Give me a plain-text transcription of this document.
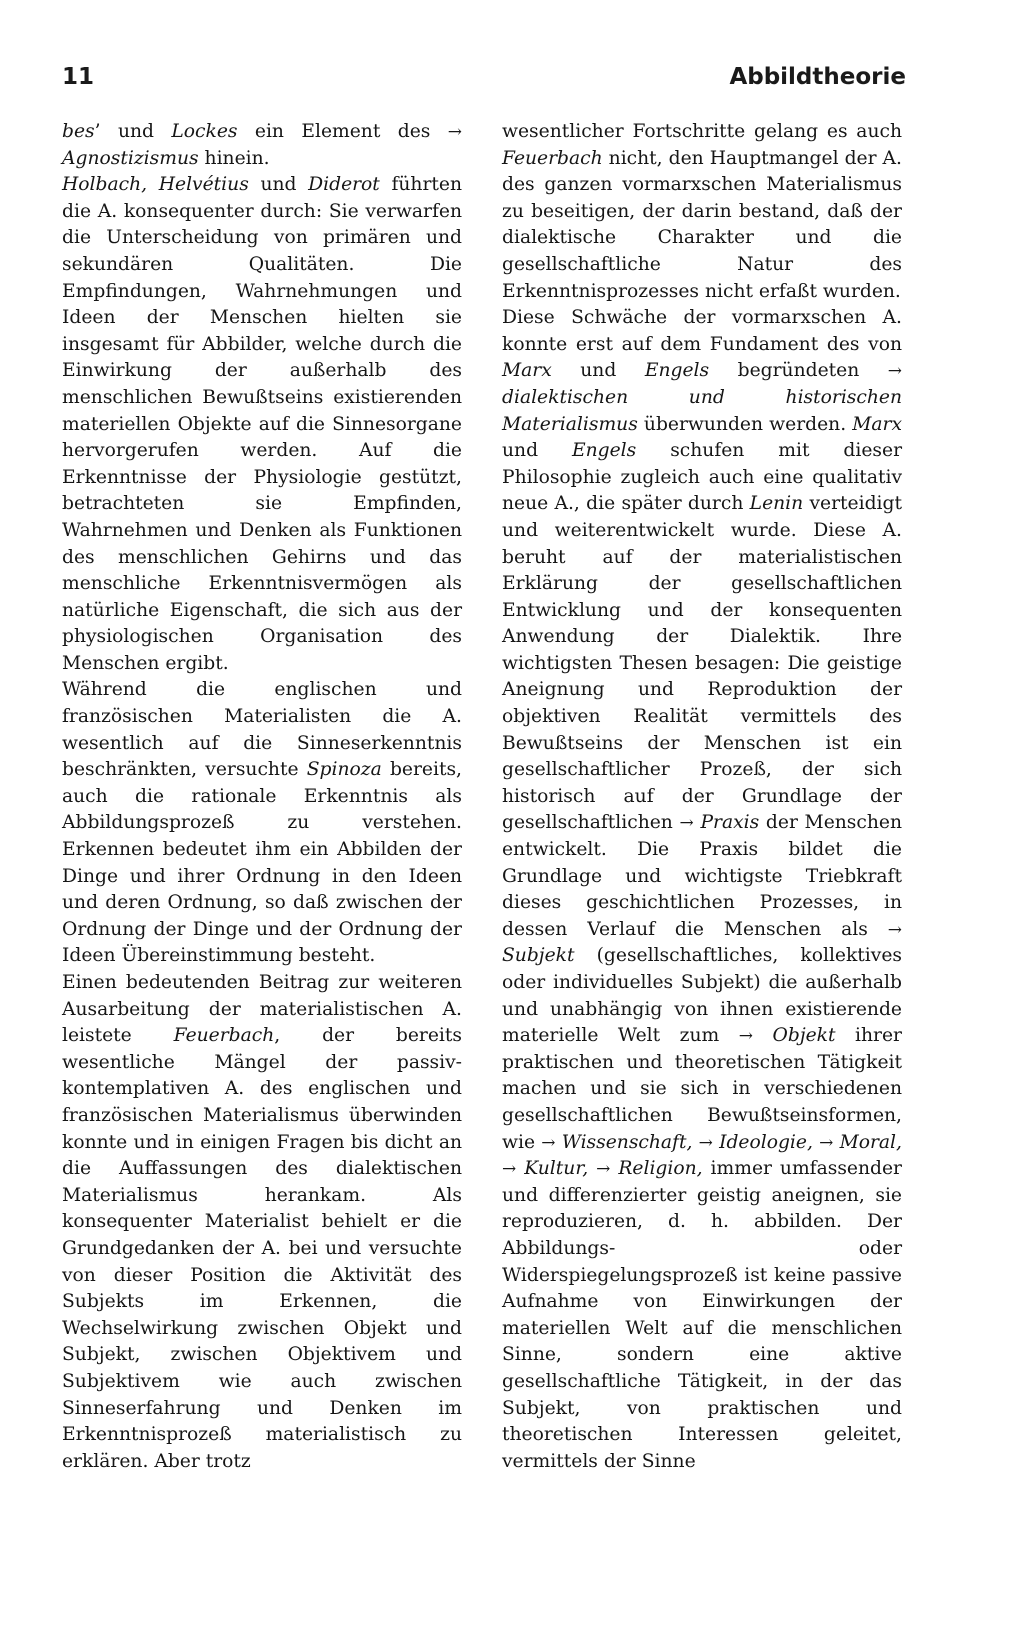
11	Abbildtheorie

bes’ und Lockes ein Element des → Agnostizismus hinein.

Holbach, Helvétius und Diderot führten die A. konsequenter durch: Sie verwarfen die Unterscheidung von primären und sekundären Qualitäten. Die Empfindungen, Wahrnehmungen und Ideen der Menschen hielten sie insgesamt für Abbilder, welche durch die Einwirkung der außerhalb des menschlichen Bewußtseins existierenden materiellen Objekte auf die Sinnesorgane hervorgerufen werden. Auf die Erkenntnisse der Physiologie gestützt, betrachteten sie Empfinden, Wahrnehmen und Denken als Funktionen des menschlichen Gehirns und das menschliche Erkenntnisvermögen als natürliche Eigenschaft, die sich aus der physiologischen Organisation des Menschen ergibt.

Während die englischen und französischen Materialisten die A. wesentlich auf die Sinneserkenntnis beschränkten, versuchte Spinoza bereits, auch die rationale Erkenntnis als Abbildungsprozeß zu verstehen. Erkennen bedeutet ihm ein Abbilden der Dinge und ihrer Ordnung in den Ideen und deren Ordnung, so daß zwischen der Ordnung der Dinge und der Ordnung der Ideen Übereinstimmung besteht.

Einen bedeutenden Beitrag zur weiteren Ausarbeitung der materialistischen A. leistete Feuerbach, der bereits wesentliche Mängel der passiv-kontemplativen A. des englischen und französischen Materialismus überwinden konnte und in einigen Fragen bis dicht an die Auffassungen des dialektischen Materialismus herankam. Als konsequenter Materialist behielt er die Grundgedanken der A. bei und versuchte von dieser Position die Aktivität des Subjekts im Erkennen, die Wechselwirkung zwischen Objekt und Subjekt, zwischen Objektivem und Subjektivem wie auch zwischen Sinneserfahrung und Denken im Erkenntnisprozeß materialistisch zu erklären. Aber trotz

wesentlicher Fortschritte gelang es auch Feuerbach nicht, den Hauptmangel der A. des ganzen vormarxschen Materialismus zu beseitigen, der darin bestand, daß der dialektische Charakter und die gesellschaftliche Natur des Erkenntnisprozesses nicht erfaßt wurden.

Diese Schwäche der vormarxschen A. konnte erst auf dem Fundament des von Marx und Engels begründeten → dialektischen und historischen Materialismus überwunden werden. Marx und Engels schufen mit dieser Philosophie zugleich auch eine qualitativ neue A., die später durch Lenin verteidigt und weiterentwickelt wurde. Diese A. beruht auf der materialistischen Erklärung der gesellschaftlichen Entwicklung und der konsequenten Anwendung der Dialektik. Ihre wichtigsten Thesen besagen: Die geistige Aneignung und Reproduktion der objektiven Realität vermittels des Bewußtseins der Menschen ist ein gesellschaftlicher Prozeß, der sich historisch auf der Grundlage der gesellschaftlichen → Praxis der Menschen entwickelt. Die Praxis bildet die Grundlage und wichtigste Triebkraft dieses geschichtlichen Prozesses, in dessen Verlauf die Menschen als → Subjekt (gesellschaftliches, kollektives oder individuelles Subjekt) die außerhalb und unabhängig von ihnen existierende materielle Welt zum → Objekt ihrer praktischen und theoretischen Tätigkeit machen und sie sich in verschiedenen gesellschaftlichen Bewußtseinsformen, wie → Wissenschaft, → Ideologie, → Moral, → Kultur, → Religion, immer umfassender und differenzierter geistig aneignen, sie reproduzieren, d. h. abbilden. Der Abbildungs- oder Widerspiegelungsprozeß ist keine passive Aufnahme von Einwirkungen der materiellen Welt auf die menschlichen Sinne, sondern eine aktive gesellschaftliche Tätigkeit, in der das Subjekt, von praktischen und theoretischen Interessen geleitet, vermittels der Sinne
